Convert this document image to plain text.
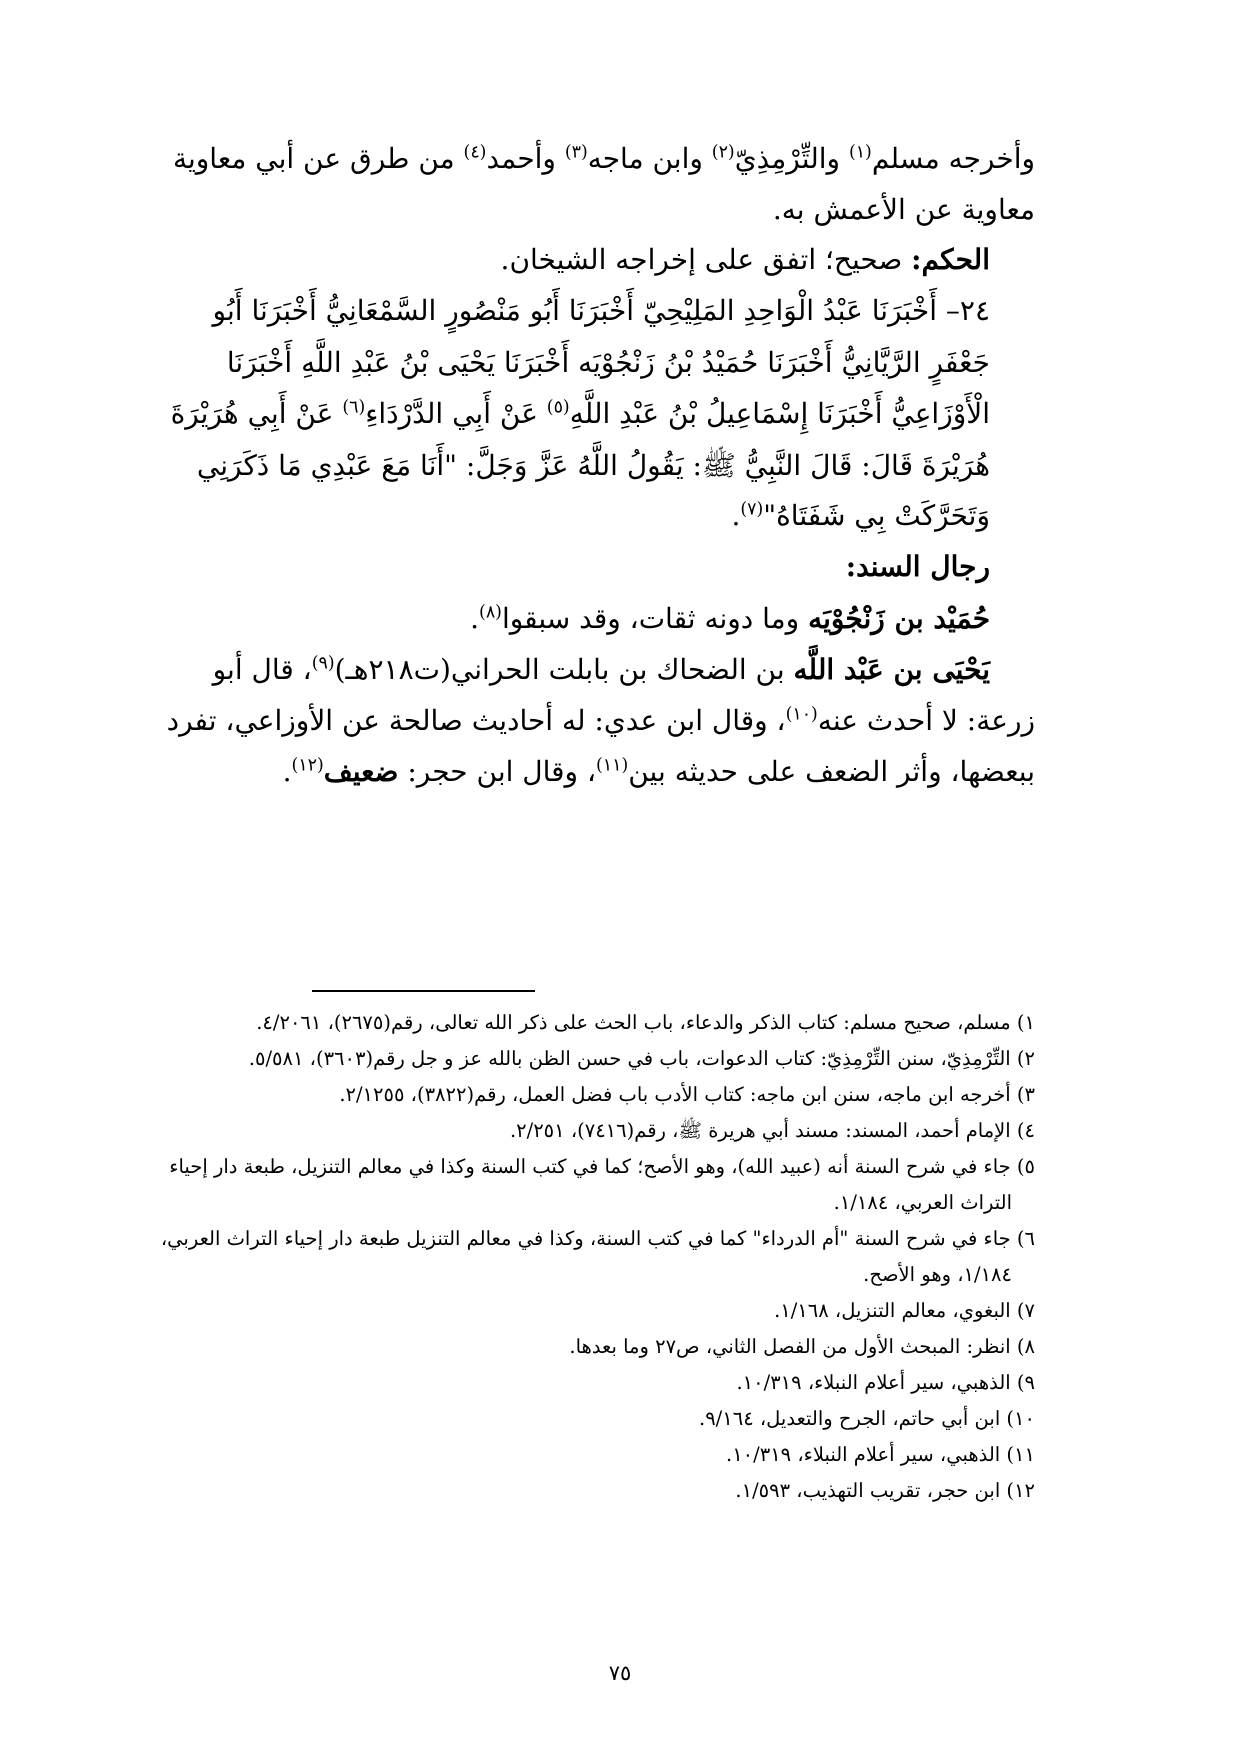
وأخرجه مسلم$^{(١)}$ والتِّرْمِذِيّ$^{(٢)}$ وابن ماجه$^{(٣)}$ وأحمد$^{(٤)}$ من طرق عن أبي معاوية
معاوية عن الأعمش به.
الحكم: صحيح؛ اتفق على إخراجه الشيخان.
٢٤– أَخْبَرَنَا عَبْدُ الْوَاحِدِ المَلِيْحِيّ أَخْبَرَنَا أَبُو مَنْصُورٍ السَّمْعَانِيُّ أَخْبَرَنَا أَبُو
جَعْفَرٍ الرَّيَّانِيُّ أَخْبَرَنَا حُمَيْدُ بْنُ زَنْجُوْيَه أَخْبَرَنَا يَحْيَى بْنُ عَبْدِ اللَّهِ أَخْبَرَنَا
الْأَوْزَاعِيُّ أَخْبَرَنَا إِسْمَاعِيلُ بْنُ عَبْدِ اللَّهِ$^{(٥)}$ عَنْ أَبِي الدَّرْدَاءِ$^{(٦)}$ عَنْ أَبِي هُرَيْرَةَ
هُرَيْرَةَ قَالَ: قَالَ النَّبِيُّ ﷺ: يَقُولُ اللَّهُ عَزَّ وَجَلَّ: "أَنَا مَعَ عَبْدِي مَا ذَكَرَنِي
وَتَحَرَّكَتْ بِي شَفَتَاهُ"$^{(٧)}$.
رجال السند:
حُمَيْد بن زَنْجُوْيَه وما دونه ثقات، وقد سبقوا$^{(٨)}$.
يَحْيَى بن عَبْد اللَّه بن الضحاك بن بابلت الحراني(ت٢١٨هـ)$^{(٩)}$، قال أبو
زرعة: لا أحدث عنه$^{(١٠)}$، وقال ابن عدي: له أحاديث صالحة عن الأوزاعي، تفرد
ببعضها، وأثر الضعف على حديثه بين$^{(١١)}$، وقال ابن حجر: ضعيف$^{(١٢)}$.
١) مسلم، صحيح مسلم: كتاب الذكر والدعاء، باب الحث على ذكر الله تعالى، رقم(٢٦٧٥)، ٤/٢٠٦١.
٢) التِّرْمِذِيّ، سنن التِّرْمِذِيّ: كتاب الدعوات، باب في حسن الظن بالله عز و جل رقم(٣٦٠٣)، ٥/٥٨١.
٣) أخرجه ابن ماجه، سنن ابن ماجه: كتاب الأدب باب فضل العمل، رقم(٣٨٢٢)، ٢/١٢٥٥.
٤) الإمام أحمد، المسند: مسند أبي هريرة ﷺ، رقم(٧٤١٦)، ٢/٢٥١.
٥) جاء في شرح السنة أنه (عبيد الله)، وهو الأصح؛ كما في كتب السنة وكذا في معالم التنزيل، طبعة دار إحياء
التراث العربي، ١/١٨٤.
٦) جاء في شرح السنة "أم الدرداء" كما في كتب السنة، وكذا في معالم التنزيل طبعة دار إحياء التراث العربي،
١/١٨٤، وهو الأصح.
٧) البغوي، معالم التنزيل، ١/١٦٨.
٨) انظر: المبحث الأول من الفصل الثاني، ص٢٧ وما بعدها.
٩) الذهبي، سير أعلام النبلاء، ١٠/٣١٩.
١٠) ابن أبي حاتم، الجرح والتعديل، ٩/١٦٤.
١١) الذهبي، سير أعلام النبلاء، ١٠/٣١٩.
١٢) ابن حجر، تقريب التهذيب، ١/٥٩٣.
٧٥
